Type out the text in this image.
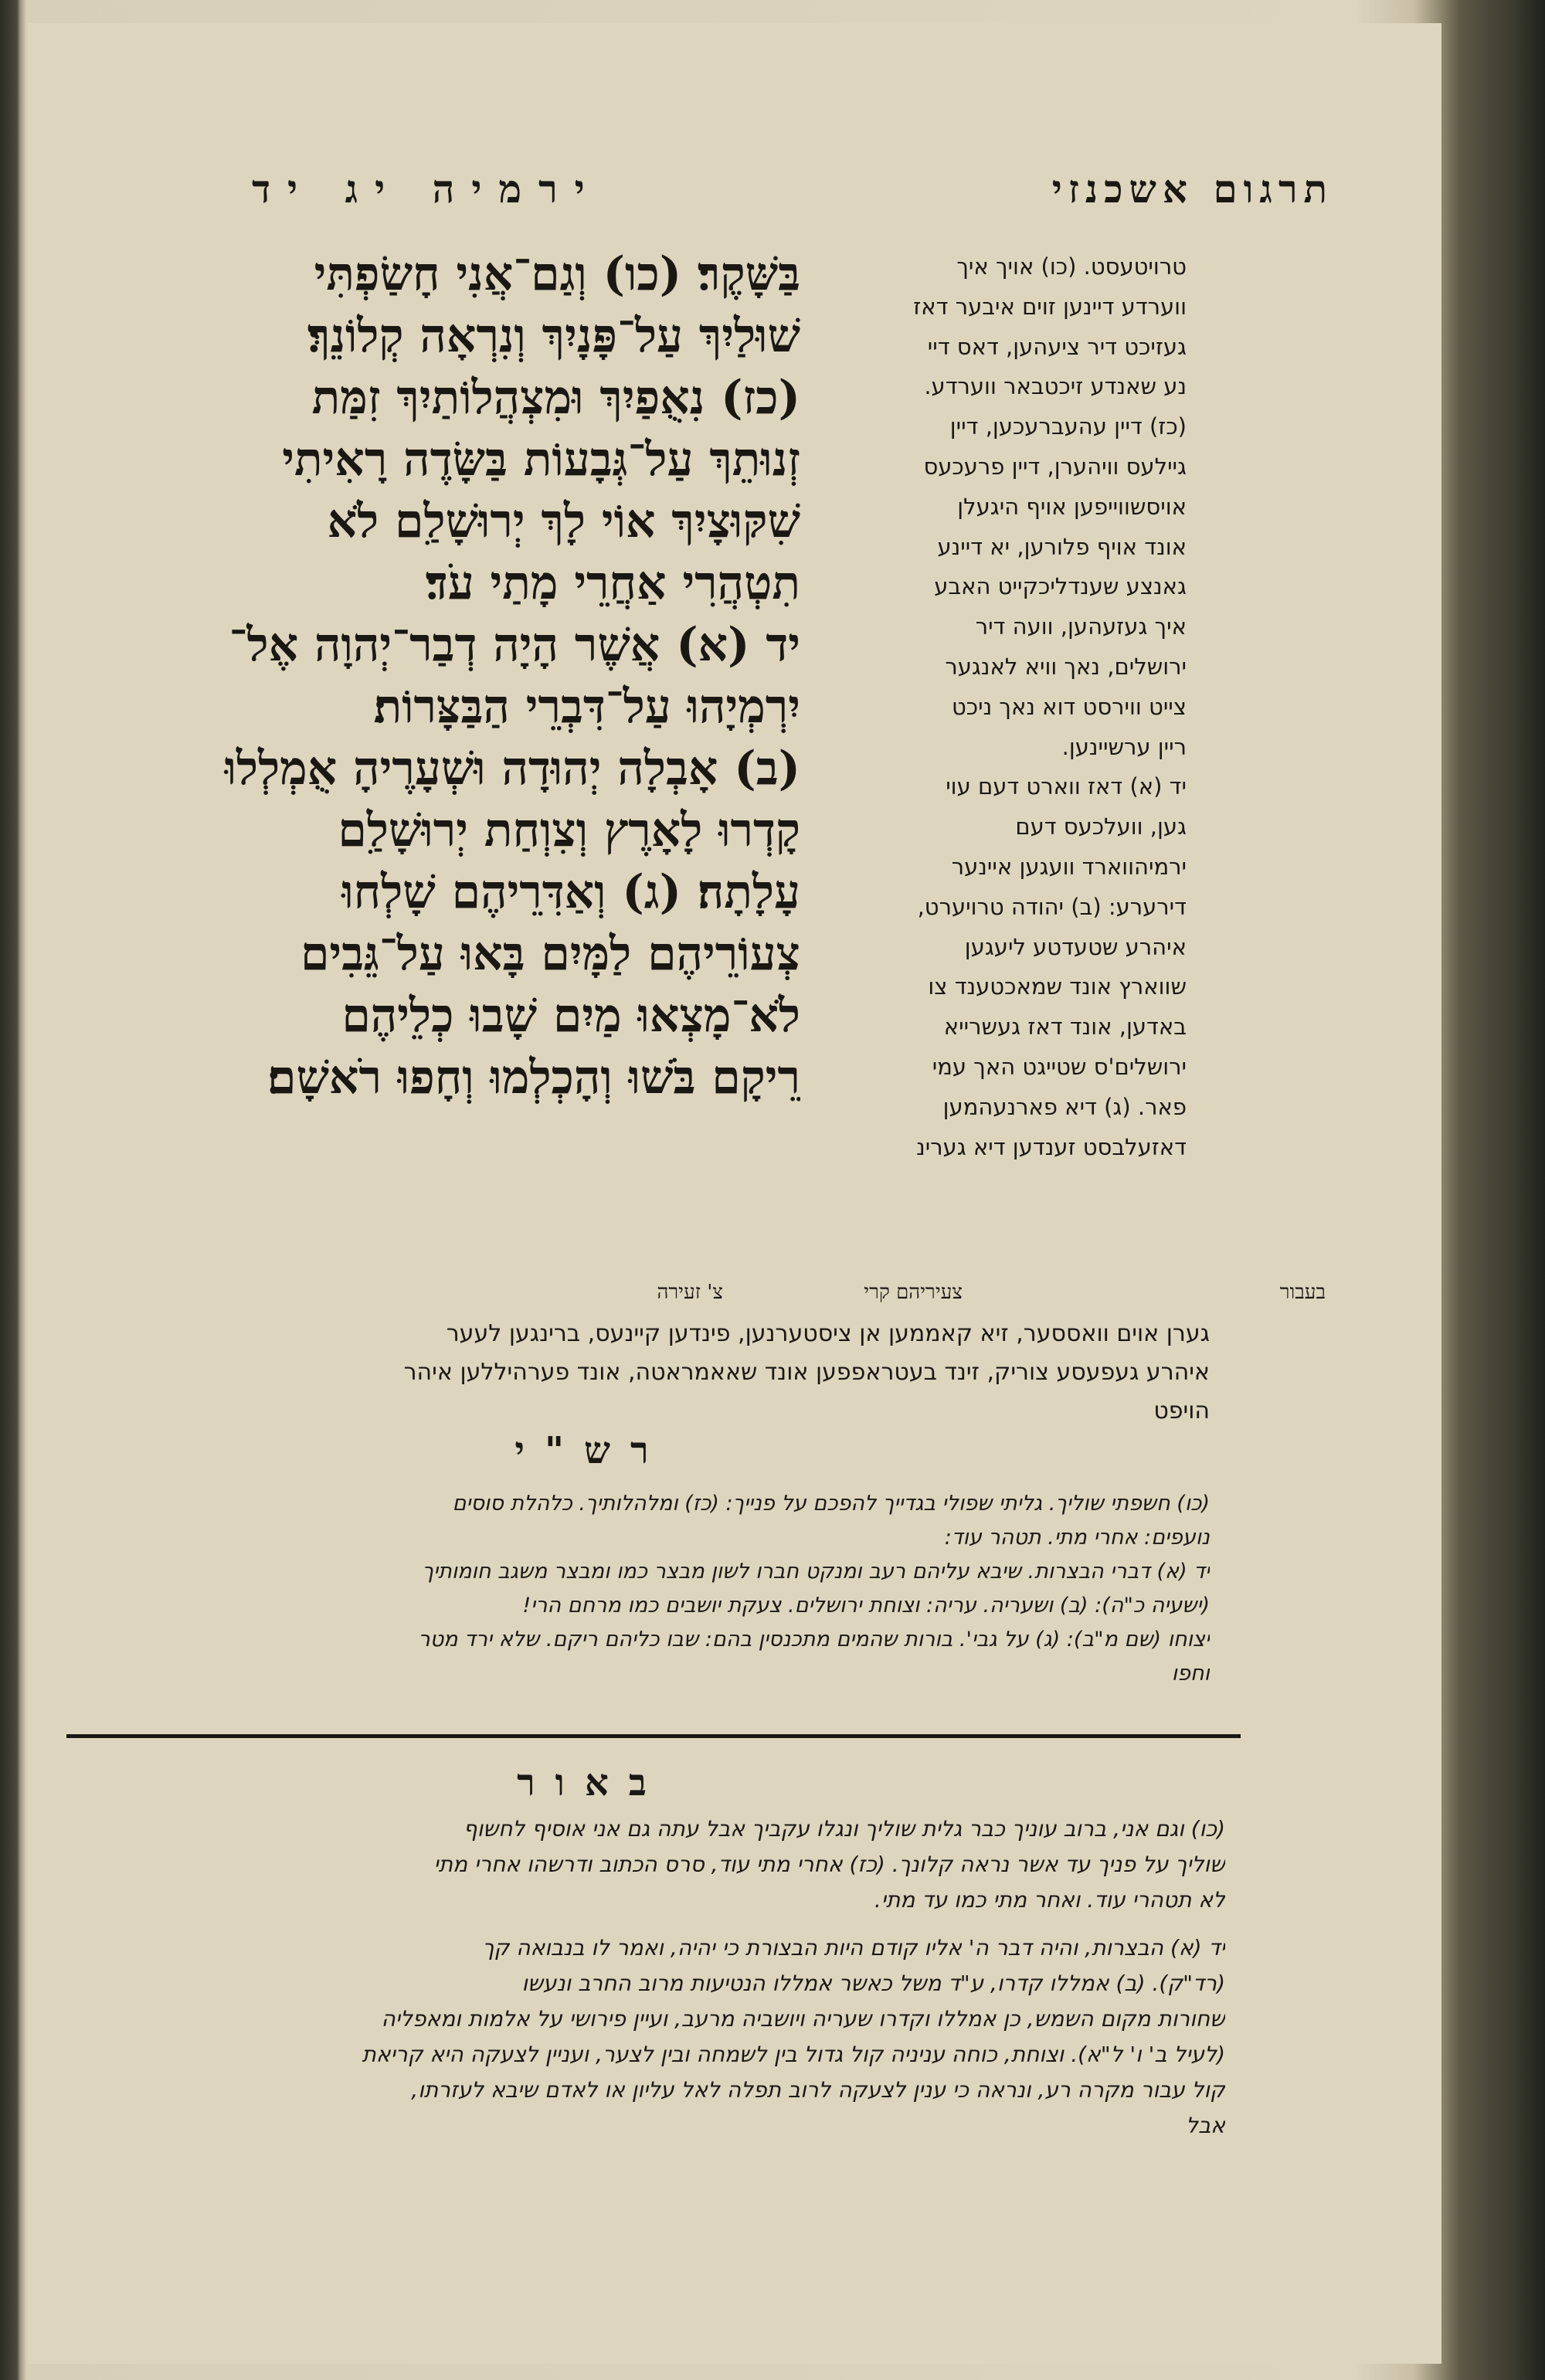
תרגום אשכנזי
ירמיה יג יד
טרויטעסט. (כו) אויך איך
ווערדע דיינען זוים איבער דאז
געזיכט דיר ציעהען, דאס דיי
נע שאנדע זיכטבאר ווערדע.
(כז) דיין עהעברעכען, דיין
גיילעס וויהערן, דיין פרעכעס
אויסשווייפען אויף היגעלן
אונד אויף פלורען, יא דיינע
גאנצע שענדליכקייט האבע
איך געזעהען, וועה דיר
ירושלים, נאך וויא לאנגער
צייט ווירסט דוא נאך ניכט
ריין ערשיינען.
יד (א) דאז ווארט דעם עוי
גען, וועלכעס דעם
ירמיהווארד וועגען איינער
דירערע: (ב) יהודה טרויערט,
איהרע שטעדטע ליעגען
שווארץ אונד שמאכטענד צו
באדען, אונד דאז געשרייא
ירושלים'ס שטייגט האך עמי
פאר. (ג) דיא פארנעהמען
דאזעלבסט זענדען דיא גערינ
בַּשָּׁקֶר׃ (כו) וְגַם־אֲנִי חָשַׂפְתִּי
שׁוּלַיִךְ עַל־פָּנָיִךְ וְנִרְאָה קְלוֹנֵךְ׃
(כז) נִאֻפַיִךְ וּמִצְהֲלוֹתַיִךְ זִמַּת
זְנוּתֵךְ עַל־גְּבָעוֹת בַּשָּׂדֶה רָאִיתִי
שִׁקּוּצָיִךְ אוֹי לָךְ יְרוּשָׁלַ͏ִם לֹא
תִטְהֲרִי אַחֲרֵי מָתַי עֹד׃
יד (א) אֲשֶׁר הָיָה דְבַר־יְהוָה אֶל־
יִרְמְיָהוּ עַל־דִּבְרֵי הַבַּצָּרוֹת׃
(ב) אָבְלָה יְהוּדָה וּשְׁעָרֶיהָ אֻמְלְלוּ
קָדְרוּ לָאָרֶץ וְצִוְחַת יְרוּשָׁלַ͏ִם
עָלָתָה׃ (ג) וְאַדִּרֵיהֶם שָׁלְחוּ
צְעוֹרֵיהֶם לַמָּיִם בָּאוּ עַל־גֵּבִים
לֹא־מָצְאוּ מַיִם שָׁבוּ כְלֵיהֶם
רֵיקָם בֹּשׁוּ וְהָכְלְמוּ וְחָפוּ רֹאשָׁם׃
צ' זעירה	צעיריהם קרי	בעבור
גערן אוים וואססער, זיא קאממען אן ציסטערנען, פינדען קיינעס, ברינגען לעער
איהרע געפעסע צוריק, זינד בעטראפפען אונד שאאמראטה, אונד פערהיללען איהר
הויפט
רש"י
(כו) חשפתי שוליך. גליתי שפולי בגדייך להפכם על פנייך: (כז) ומלהלותיך. כלהלת סוסים
נועפים: אחרי מתי. תטהר עוד:
יד (א) דברי הבצרות. שיבא עליהם רעב ומנקט חברו לשון מבצר כמו ומבצר משגב חומותיך
(ישעיה כ"ה): (ב) ושעריה. עריה: וצוחת ירושלים. צעקת יושבים כמו מרחם הרי!
יצוחו (שם מ"ב): (ג) על גבי'. בורות שהמים מתכנסין בהם: שבו כליהם ריקם. שלא ירד מטר
וחפו
באור
(כו) וגם אני, ברוב עוניך כבר גלית שוליך ונגלו עקביך אבל עתה גם אני אוסיף לחשוף
שוליך על פניך עד אשר נראה קלונך. (כז) אחרי מתי עוד, סרס הכתוב ודרשהו אחרי מתי
לא תטהרי עוד. ואחר מתי כמו עד מתי.
יד (א) הבצרות, והיה דבר ה' אליו קודם היות הבצורת כי יהיה, ואמר לו בנבואה קך
(רד"ק). (ב) אמללו קדרו, ע"ד משל כאשר אמללו הנטיעות מרוב החרב ונעשו
שחורות מקום השמש, כן אמללו וקדרו שעריה ויושביה מרעב, ועיין פירושי על אלמות ומאפליה
(לעיל ב' ו' ל"א). וצוחת, כוחה עניניה קול גדול בין לשמחה ובין לצער, ועניין לצעקה היא קריאת
קול עבור מקרה רע, ונראה כי ענין לצעקה לרוב תפלה לאל עליון או לאדם שיבא לעזרתו,
אבל
